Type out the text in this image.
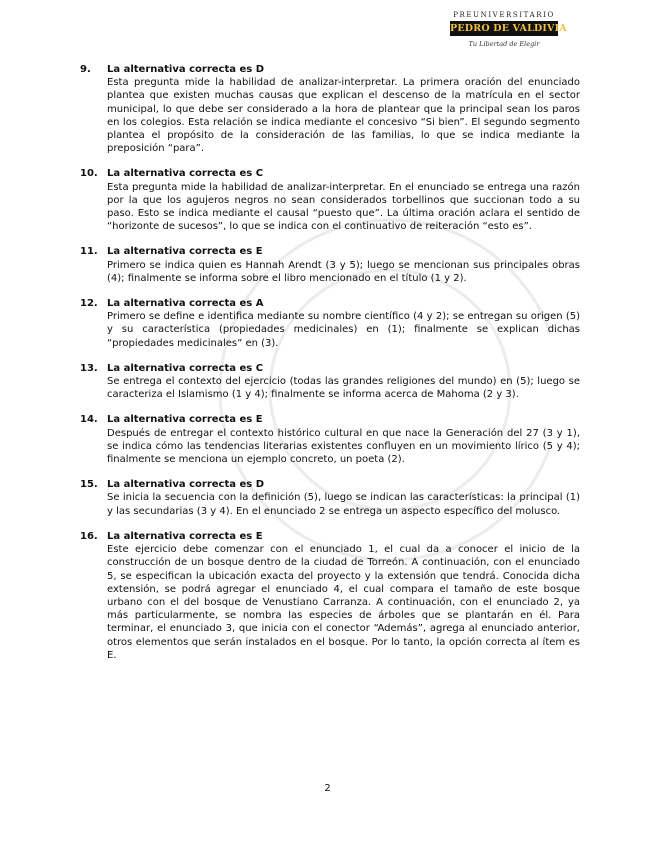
PREUNIVERSITARIO
PEDRO DE VALDIVIA
Tu Libertad de Elegir
9. La alternativa correcta es D
Esta pregunta mide la habilidad de analizar-interpretar. La primera oración del enunciado plantea que existen muchas causas que explican el descenso de la matrícula en el sector municipal, lo que debe ser considerado a la hora de plantear que la principal sean los paros en los colegios. Esta relación se indica mediante el concesivo “Si bien”. El segundo segmento plantea el propósito de la consideración de las familias, lo que se indica mediante la preposición “para”.
10. La alternativa correcta es C
Esta pregunta mide la habilidad de analizar-interpretar. En el enunciado se entrega una razón por la que los agujeros negros no sean considerados torbellinos que succionan todo a su paso. Esto se indica mediante el causal “puesto que”. La última oración aclara el sentido de “horizonte de sucesos”, lo que se indica con el continuativo de reiteración “esto es”.
11. La alternativa correcta es E
Primero se indica quien es Hannah Arendt (3 y 5); luego se mencionan sus principales obras (4); finalmente se informa sobre el libro mencionado en el título (1 y 2).
12. La alternativa correcta es A
Primero se define e identifica mediante su nombre científico (4 y 2); se entregan su origen (5) y su característica (propiedades medicinales) en (1); finalmente se explican dichas “propiedades medicinales” en (3).
13. La alternativa correcta es C
Se entrega el contexto del ejercicio (todas las grandes religiones del mundo) en (5); luego se caracteriza el Islamismo (1 y 4); finalmente se informa acerca de Mahoma (2 y 3).
14. La alternativa correcta es E
Después de entregar el contexto histórico cultural en que nace la Generación del 27 (3 y 1), se indica cómo las tendencias literarias existentes confluyen en un movimiento lírico (5 y 4); finalmente se menciona un ejemplo concreto, un poeta (2).
15. La alternativa correcta es D
Se inicia la secuencia con la definición (5), luego se indican las características: la principal (1) y las secundarias (3 y 4). En el enunciado 2 se entrega un aspecto específico del molusco.
16. La alternativa correcta es E
Este ejercicio debe comenzar con el enunciado 1, el cual da a conocer el inicio de la construcción de un bosque dentro de la ciudad de Torreón. A continuación, con el enunciado 5, se especifican la ubicación exacta del proyecto y la extensión que tendrá. Conocida dicha extensión, se podrá agregar el enunciado 4, el cual compara el tamaño de este bosque urbano con el del bosque de Venustiano Carranza. A continuación, con el enunciado 2, ya más particularmente, se nombra las especies de árboles que se plantarán en él. Para terminar, el enunciado 3, que inicia con el conector “Además”, agrega al enunciado anterior, otros elementos que serán instalados en el bosque. Por lo tanto, la opción correcta al ítem es E.
2
